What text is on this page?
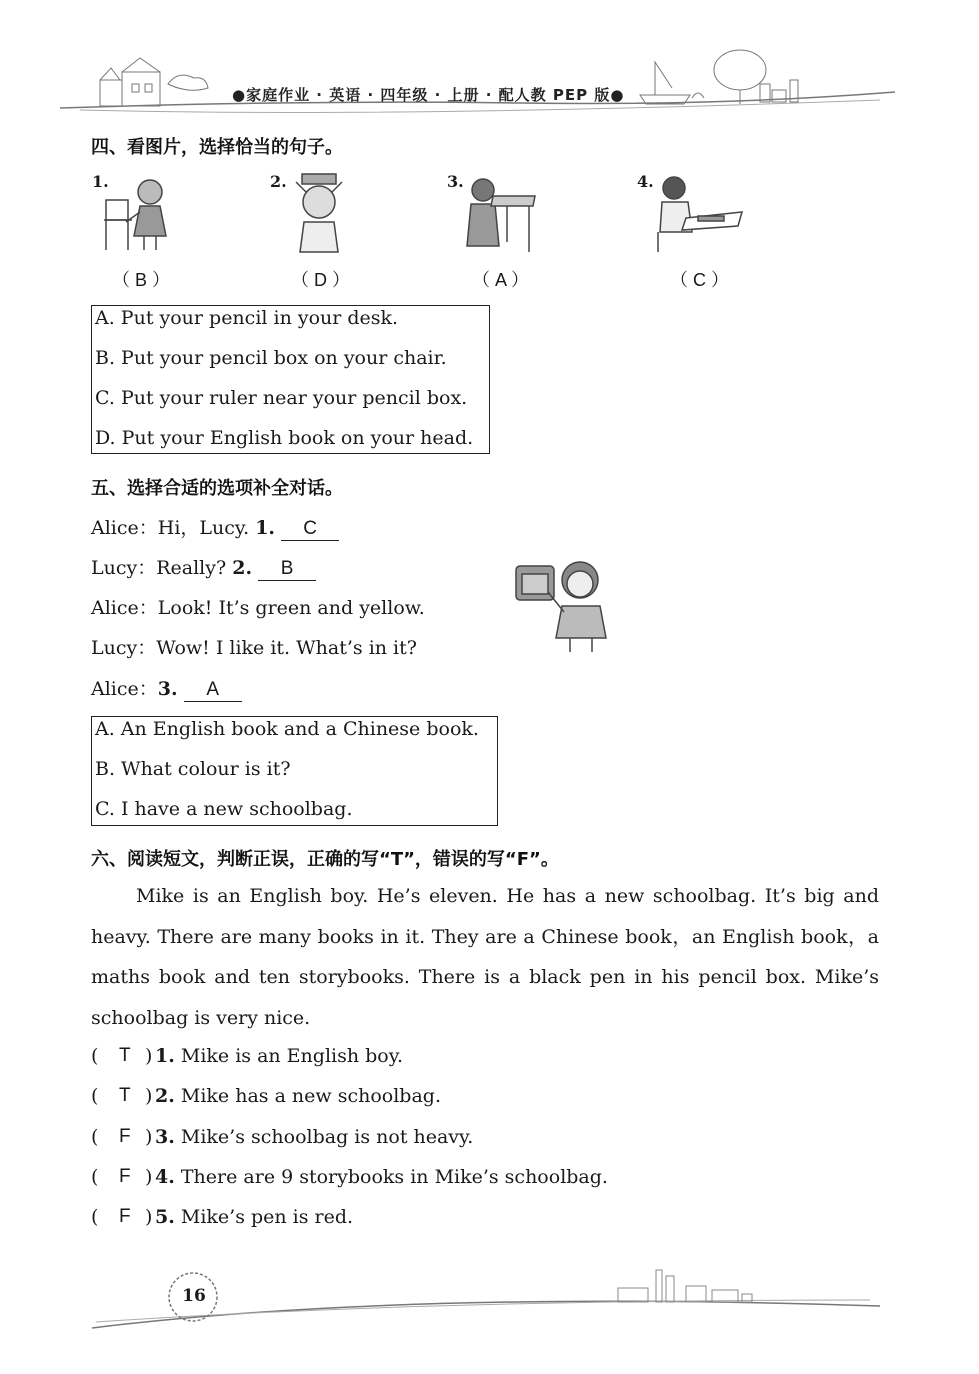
●家庭作业 · 英语 · 四年级 · 上册 · 配人教 PEP 版●
四、看图片，选择恰当的句子。
1.
（ B ）
2.
（ D ）
3.
（ A ）
4.
（ C ）
A. Put your pencil in your desk.
B. Put your pencil box on your chair.
C. Put your ruler near your pencil box.
D. Put your English book on your head.
五、选择合适的选项补全对话。
Alice：Hi，Lucy. 1. C
Lucy：Really? 2. B
Alice：Look! It’s green and yellow.
Lucy：Wow! I like it. What’s in it?
Alice：3. A
A. An English book and a Chinese book.
B. What colour is it?
C. I have a new schoolbag.
六、阅读短文，判断正误，正确的写“T”，错误的写“F”。
Mike is an English boy. He’s eleven. He has a new schoolbag. It’s big and heavy. There are many books in it. They are a Chinese book，an English book，a maths book and ten storybooks. There is a black pen in his pencil box. Mike’s schoolbag is very nice.
( T ) 1. Mike is an English boy.
( T ) 2. Mike has a new schoolbag.
( F ) 3. Mike’s schoolbag is not heavy.
( F ) 4. There are 9 storybooks in Mike’s schoolbag.
( F ) 5. Mike’s pen is red.
16
